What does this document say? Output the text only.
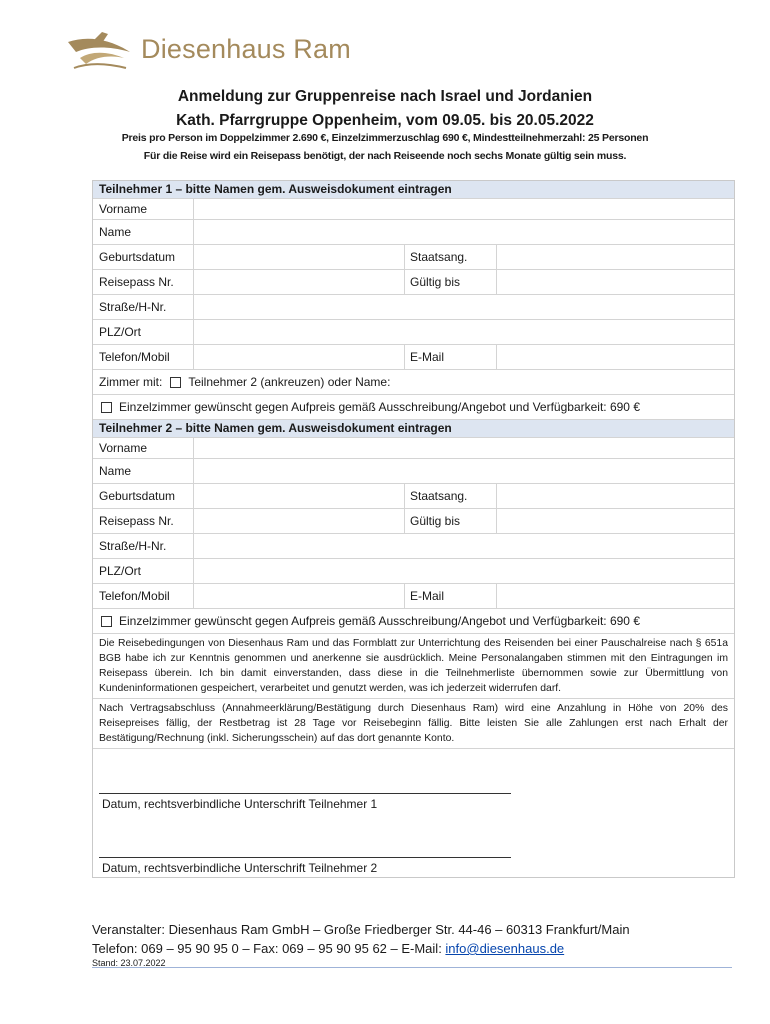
Diesenhaus Ram
Anmeldung zur Gruppenreise nach Israel und Jordanien
Kath. Pfarrgruppe Oppenheim, vom 09.05. bis 20.05.2022
Preis pro Person im Doppelzimmer 2.690 €, Einzelzimmerzuschlag 690 €, Mindestteilnehmerzahl: 25 Personen
Für die Reise wird ein Reisepass benötigt, der nach Reiseende noch sechs Monate gültig sein muss.
Teilnehmer 1 – bitte Namen gem. Ausweisdokument eintragen
Vorname
Name
Geburtsdatum	Staatsang.
Reisepass Nr.	Gültig bis
Straße/H-Nr.
PLZ/Ort
Telefon/Mobil	E-Mail
Zimmer mit: Teilnehmer 2 (ankreuzen) oder Name:
Einzelzimmer gewünscht gegen Aufpreis gemäß Ausschreibung/Angebot und Verfügbarkeit: 690 €
Teilnehmer 2 – bitte Namen gem. Ausweisdokument eintragen
Vorname
Name
Geburtsdatum	Staatsang.
Reisepass Nr.	Gültig bis
Straße/H-Nr.
PLZ/Ort
Telefon/Mobil	E-Mail
Einzelzimmer gewünscht gegen Aufpreis gemäß Ausschreibung/Angebot und Verfügbarkeit: 690 €
Die Reisebedingungen von Diesenhaus Ram und das Formblatt zur Unterrichtung des Reisenden bei einer Pauschalreise nach § 651a BGB habe ich zur Kenntnis genommen und anerkenne sie ausdrücklich. Meine Personalangaben stimmen mit den Eintragungen im Reisepass überein. Ich bin damit einverstanden, dass diese in die Teilnehmerliste übernommen sowie zur Übermittlung von Kundeninformationen gespeichert, verarbeitet und genutzt werden, was ich jederzeit widerrufen darf.
Nach Vertragsabschluss (Annahmeerklärung/Bestätigung durch Diesenhaus Ram) wird eine Anzahlung in Höhe von 20% des Reisepreises fällig, der Restbetrag ist 28 Tage vor Reisebeginn fällig. Bitte leisten Sie alle Zahlungen erst nach Erhalt der Bestätigung/Rechnung (inkl. Sicherungsschein) auf das dort genannte Konto.
Datum, rechtsverbindliche Unterschrift Teilnehmer 1
Datum, rechtsverbindliche Unterschrift Teilnehmer 2
Veranstalter: Diesenhaus Ram GmbH – Große Friedberger Str. 44-46 – 60313 Frankfurt/Main
Telefon: 069 – 95 90 95 0 – Fax: 069 – 95 90 95 62 – E-Mail: info@diesenhaus.de
Stand: 23.07.2022
